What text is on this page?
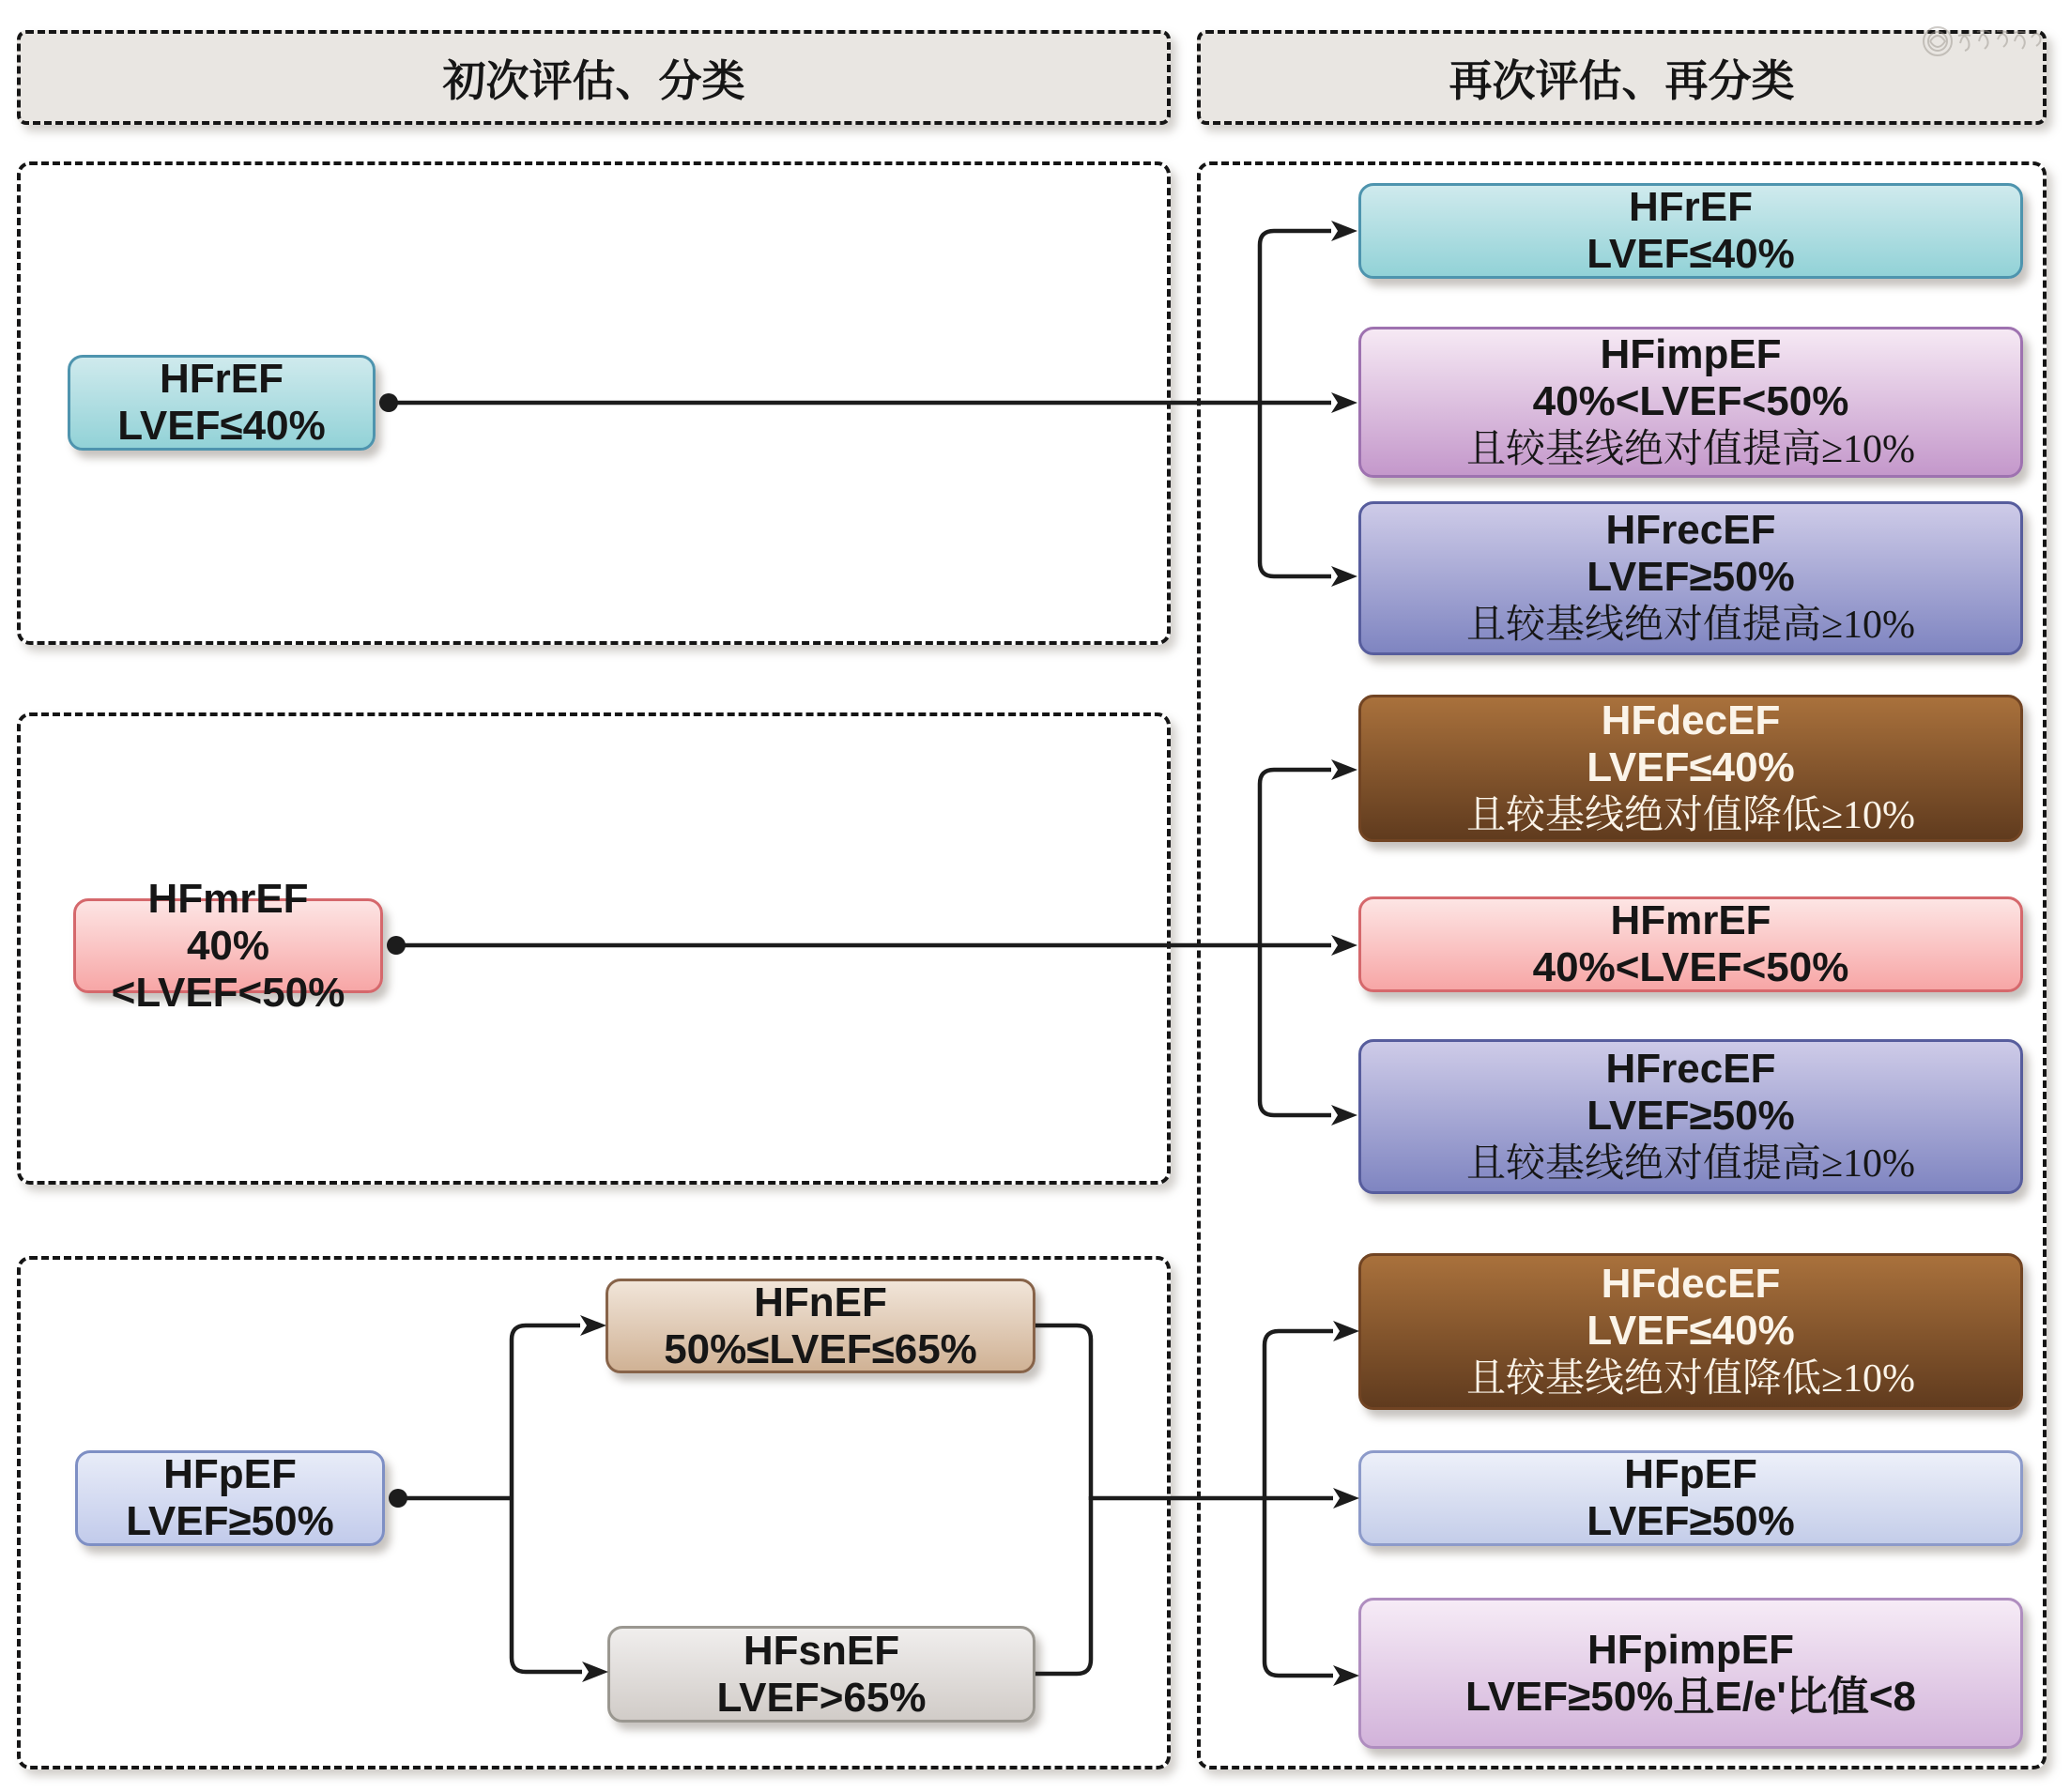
初次评估、分类	再次评估、再分类
HFrEF
LVEF≤40%
HFmrEF
40%<LVEF<50%
HFpEF
LVEF≥50%
HFnEF
50%≤LVEF≤65%
HFsnEF
LVEF>65%
HFrEF
LVEF≤40%
HFimpEF
40%<LVEF<50%
且较基线绝对值提高≥10%
HFrecEF
LVEF≥50%
且较基线绝对值提高≥10%
HFdecEF
LVEF≤40%
且较基线绝对值降低≥10%
HFmrEF
40%<LVEF<50%
HFrecEF
LVEF≥50%
且较基线绝对值提高≥10%
HFdecEF
LVEF≤40%
且较基线绝对值降低≥10%
HFpEF
LVEF≥50%
HFpimpEF
LVEF≥50%且E/e'比值<8
